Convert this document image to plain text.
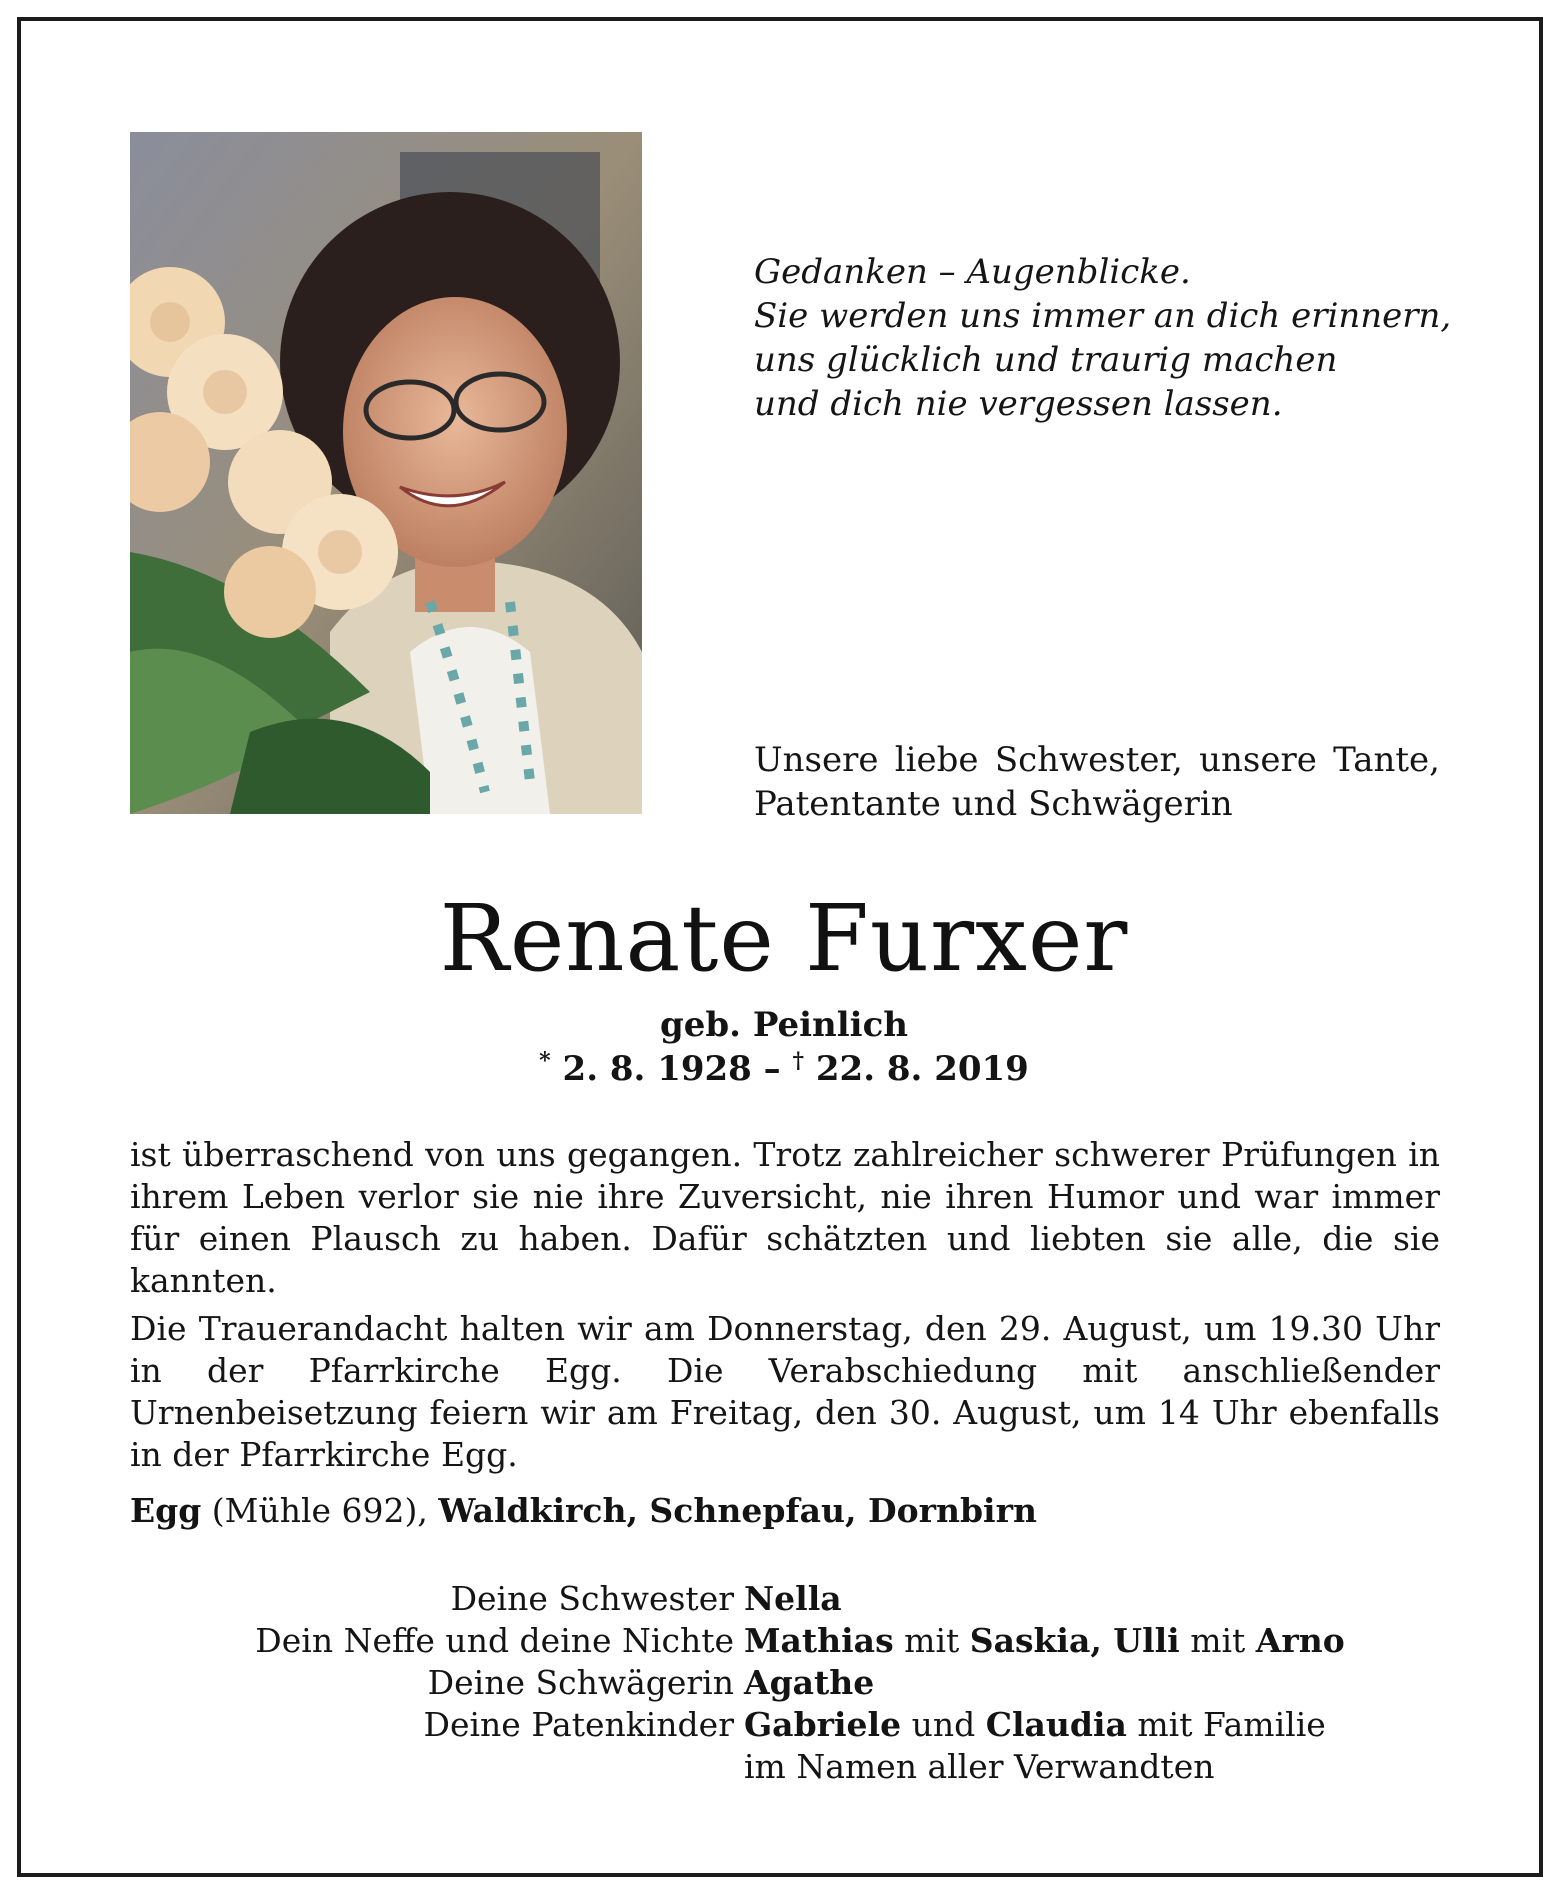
Gedanken – Augenblicke.
Sie werden uns immer an dich erinnern,
uns glücklich und traurig machen
und dich nie vergessen lassen.
Unsere liebe Schwester, unsere Tante,
Patentante und Schwägerin
Renate Furxer
geb. Peinlich
* 2. 8. 1928 – † 22. 8. 2019

ist überraschend von uns gegangen. Trotz zahlreicher schwerer Prüfungen in ihrem Leben verlor sie nie ihre Zuversicht, nie ihren Humor und war immer für einen Plausch zu haben. Dafür schätzten und liebten sie alle, die sie kannten.

Die Trauerandacht halten wir am Donnerstag, den 29. August, um 19.30 Uhr in der Pfarrkirche Egg. Die Verabschiedung mit anschließender Urnenbeisetzung feiern wir am Freitag, den 30. August, um 14 Uhr ebenfalls in der Pfarrkirche Egg.

Egg (Mühle 692), Waldkirch, Schnepfau, Dornbirn
Deine Schwester Nella
Dein Neffe und deine Nichte Mathias mit Saskia, Ulli mit Arno
Deine Schwägerin Agathe
Deine Patenkinder Gabriele und Claudia mit Familie
im Namen aller Verwandten
